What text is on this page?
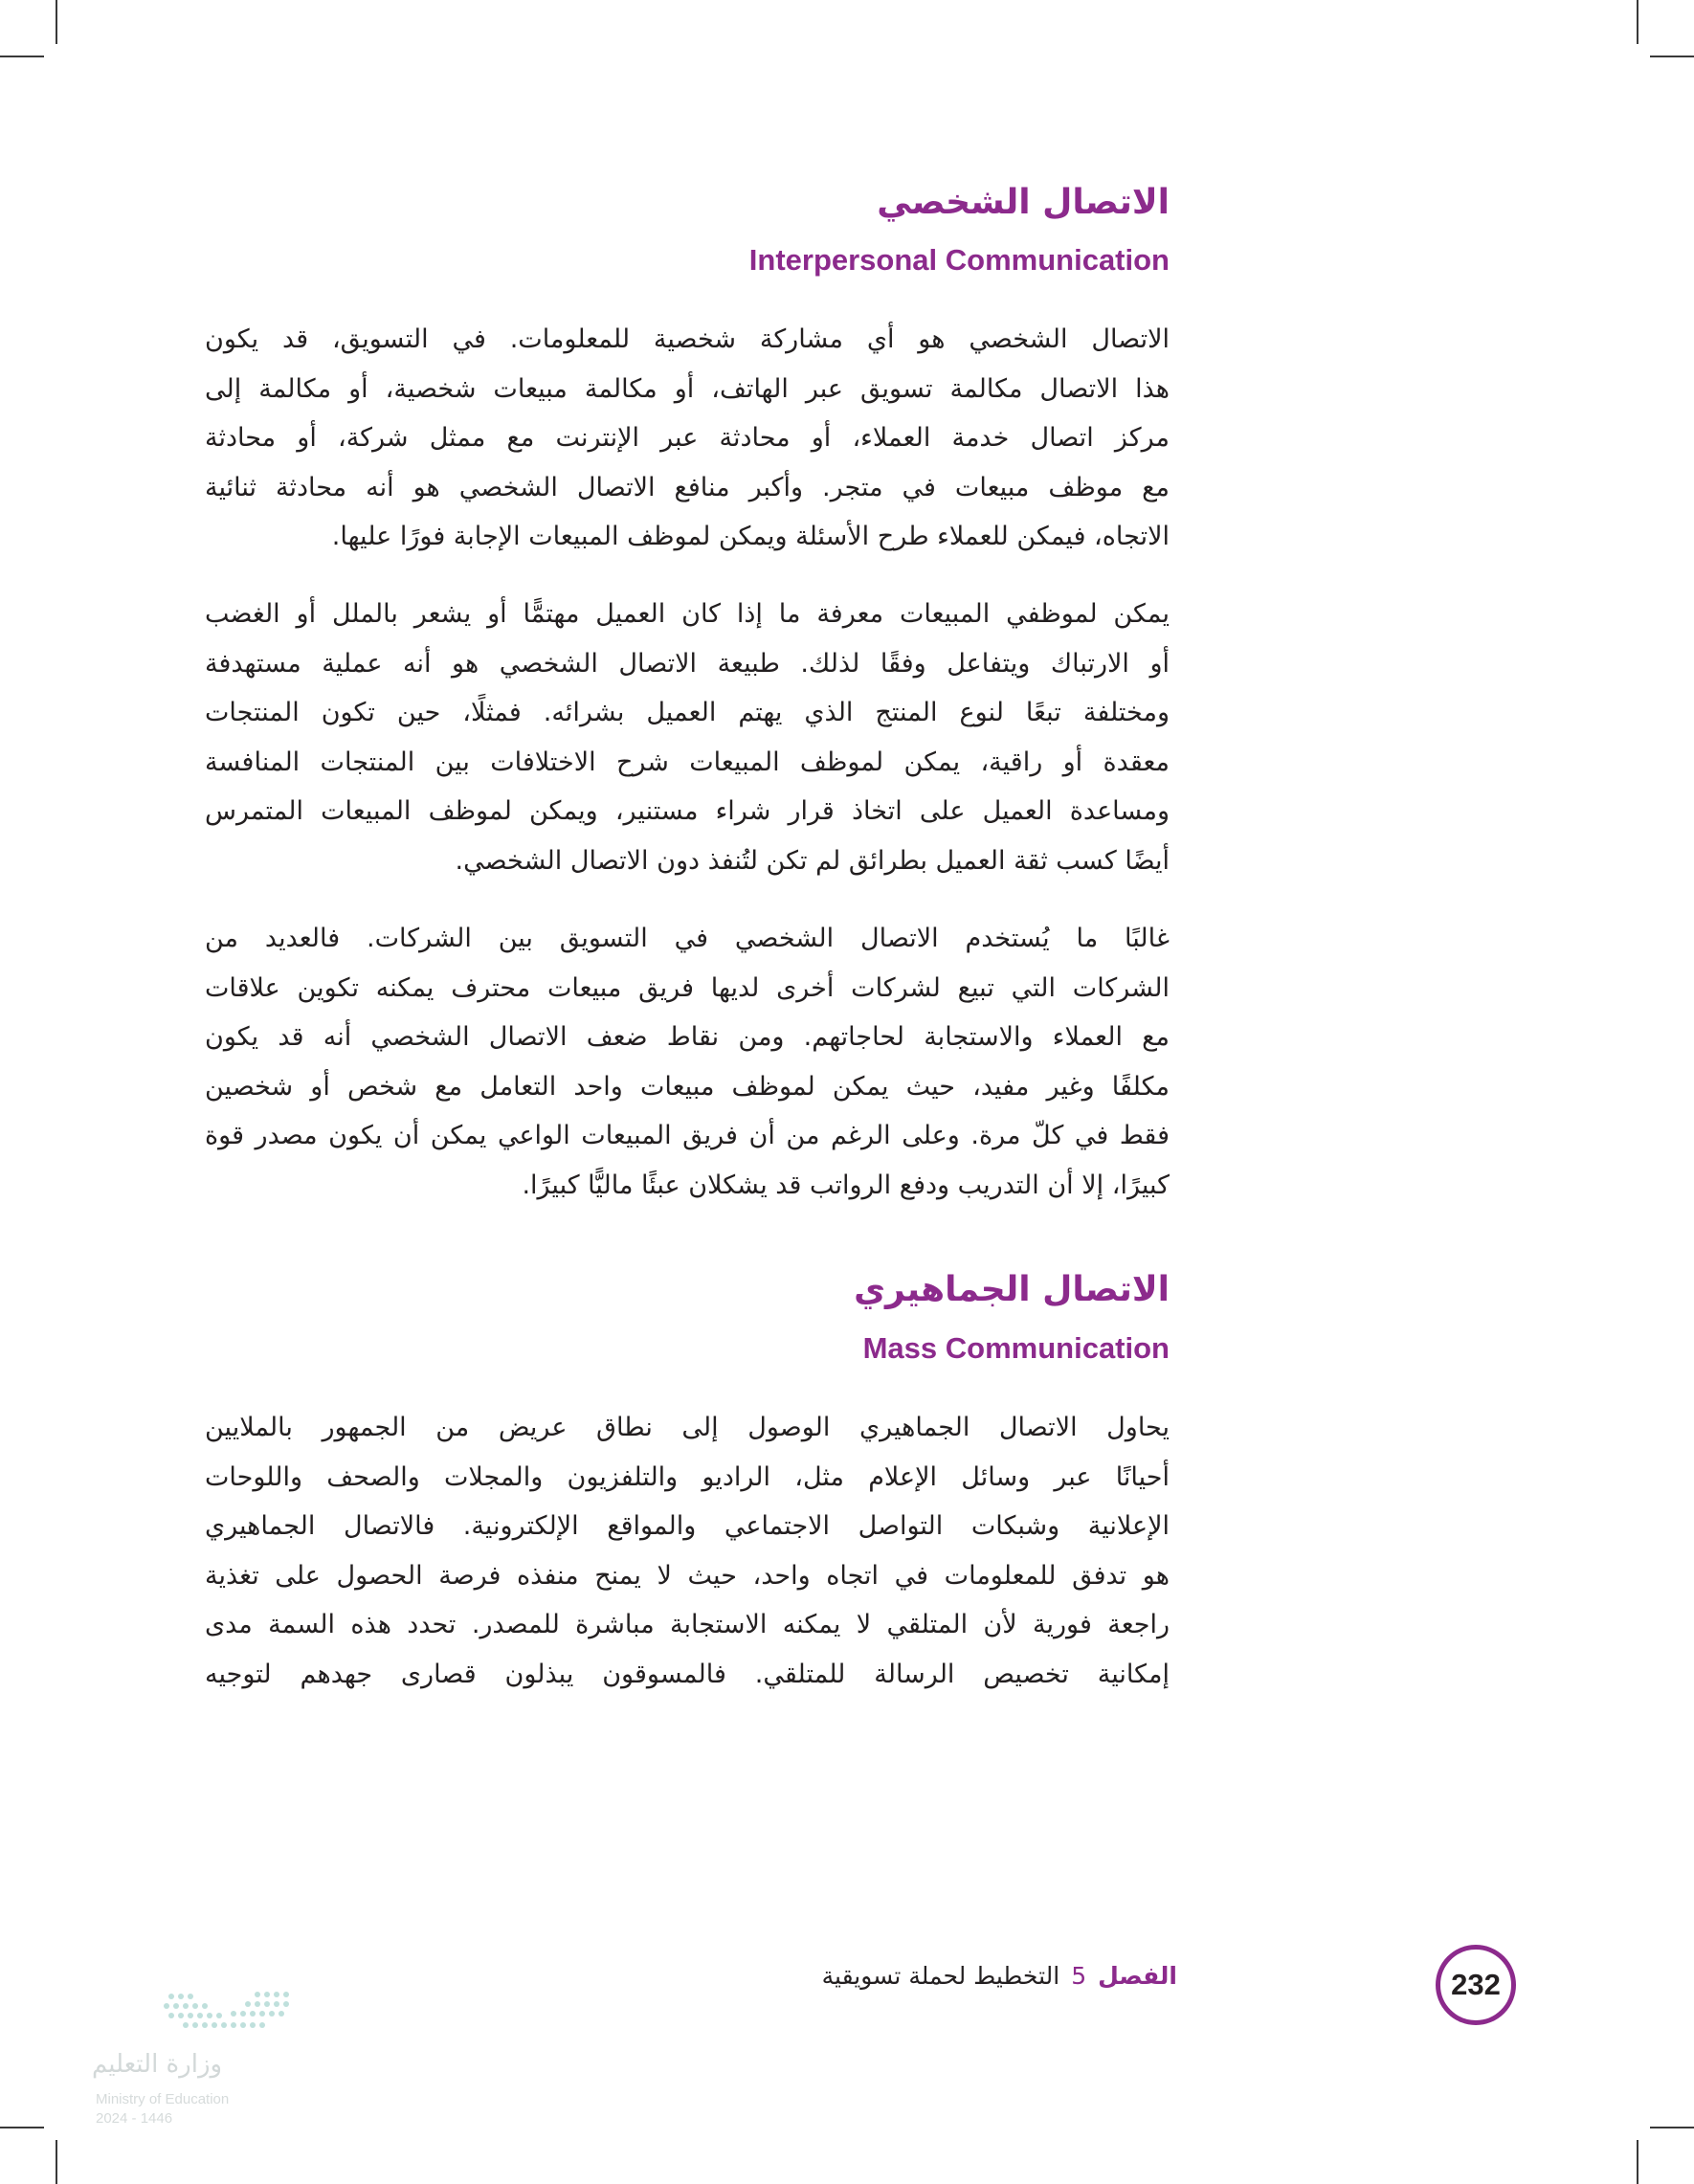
الاتصال الشخصي
Interpersonal Communication

الاتصال الشخصي هو أي مشاركة شخصية للمعلومات. في التسويق، قد يكون
هذا الاتصال مكالمة تسويق عبر الهاتف، أو مكالمة مبيعات شخصية، أو مكالمة إلى
مركز اتصال خدمة العملاء، أو محادثة عبر الإنترنت مع ممثل شركة، أو محادثة
مع موظف مبيعات في متجر. وأكبر منافع الاتصال الشخصي هو أنه محادثة ثنائية
الاتجاه، فيمكن للعملاء طرح الأسئلة ويمكن لموظف المبيعات الإجابة فورًا عليها.

يمكن لموظفي المبيعات معرفة ما إذا كان العميل مهتمًّا أو يشعر بالملل أو الغضب
أو الارتباك ويتفاعل وفقًا لذلك. طبيعة الاتصال الشخصي هو أنه عملية مستهدفة
ومختلفة تبعًا لنوع المنتج الذي يهتم العميل بشرائه. فمثلًا، حين تكون المنتجات
معقدة أو راقية، يمكن لموظف المبيعات شرح الاختلافات بين المنتجات المنافسة
ومساعدة العميل على اتخاذ قرار شراء مستنير، ويمكن لموظف المبيعات المتمرس
أيضًا كسب ثقة العميل بطرائق لم تكن لتُنفذ دون الاتصال الشخصي.

غالبًا ما يُستخدم الاتصال الشخصي في التسويق بين الشركات. فالعديد من
الشركات التي تبيع لشركات أخرى لديها فريق مبيعات محترف يمكنه تكوين علاقات
مع العملاء والاستجابة لحاجاتهم. ومن نقاط ضعف الاتصال الشخصي أنه قد يكون
مكلفًا وغير مفيد، حيث يمكن لموظف مبيعات واحد التعامل مع شخص أو شخصين
فقط في كلّ مرة. وعلى الرغم من أن فريق المبيعات الواعي يمكن أن يكون مصدر قوة
كبيرًا، إلا أن التدريب ودفع الرواتب قد يشكلان عبئًا ماليًّا كبيرًا.

الاتصال الجماهيري
Mass Communication

يحاول الاتصال الجماهيري الوصول إلى نطاق عريض من الجمهور بالملايين
أحيانًا عبر وسائل الإعلام مثل، الراديو والتلفزيون والمجلات والصحف واللوحات
الإعلانية وشبكات التواصل الاجتماعي والمواقع الإلكترونية. فالاتصال الجماهيري
هو تدفق للمعلومات في اتجاه واحد، حيث لا يمنح منفذه فرصة الحصول على تغذية
راجعة فورية لأن المتلقي لا يمكنه الاستجابة مباشرة للمصدر. تحدد هذه السمة مدى
إمكانية تخصيص الرسالة للمتلقي. فالمسوقون يبذلون قصارى جهدهم لتوجيه

الفصل5التخطيط لحملة تسويقية	232
وزارة التعليم
Ministry of Education
2024 - 1446
